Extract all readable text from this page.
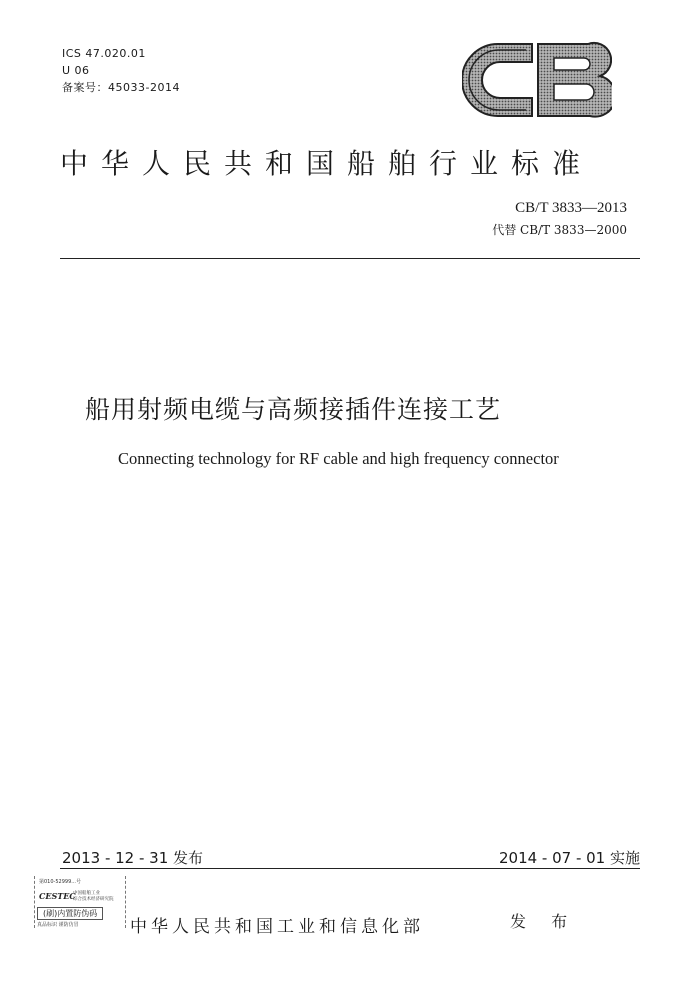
ICS 47.020.01
U 06
备案号：45033-2014
CB
中华人民共和国船舶行业标准
CB/T 3833—2013
代替 CB/T 3833—2000
船用射频电缆与高频接插件连接工艺
Connecting technology for RF cable and high frequency connector
2013 - 12 - 31 发布	2014 - 07 - 01 实施
第010-52999...号
CESTEC
中国船舶工业
综合技术经济研究院
(刷)内置防伪码
真品标识 谨防仿冒	中华人民共和国工业和信息化部	发 布
